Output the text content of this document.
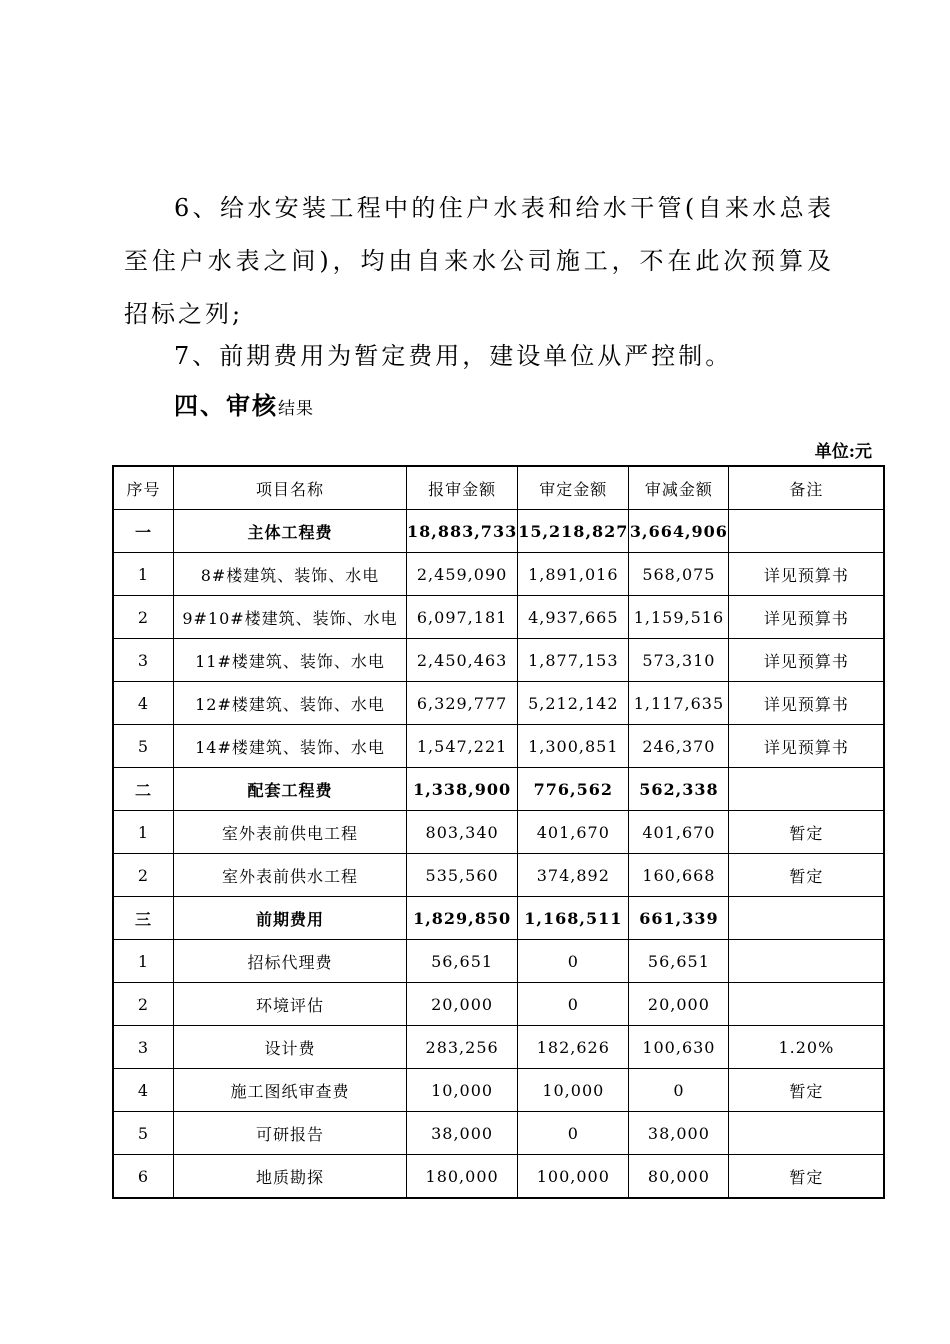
6、给水安装工程中的住户水表和给水干管(自来水总表至住户水表之间)，均由自来水公司施工，不在此次预算及招标之列;
7、前期费用为暂定费用，建设单位从严控制。
四、审核结果
单位:元
序号	项目名称	报审金额	审定金额	审减金额	备注
一	主体工程费	18,883,733	15,218,827	3,664,906	
1	8#楼建筑、装饰、水电	2,459,090	1,891,016	568,075	详见预算书
2	9#10#楼建筑、装饰、水电	6,097,181	4,937,665	1,159,516	详见预算书
3	11#楼建筑、装饰、水电	2,450,463	1,877,153	573,310	详见预算书
4	12#楼建筑、装饰、水电	6,329,777	5,212,142	1,117,635	详见预算书
5	14#楼建筑、装饰、水电	1,547,221	1,300,851	246,370	详见预算书
二	配套工程费	1,338,900	776,562	562,338	
1	室外表前供电工程	803,340	401,670	401,670	暂定
2	室外表前供水工程	535,560	374,892	160,668	暂定
三	前期费用	1,829,850	1,168,511	661,339	
1	招标代理费	56,651	0	56,651	
2	环境评估	20,000	0	20,000	
3	设计费	283,256	182,626	100,630	1.20%
4	施工图纸审查费	10,000	10,000	0	暂定
5	可研报告	38,000	0	38,000	
6	地质勘探	180,000	100,000	80,000	暂定
